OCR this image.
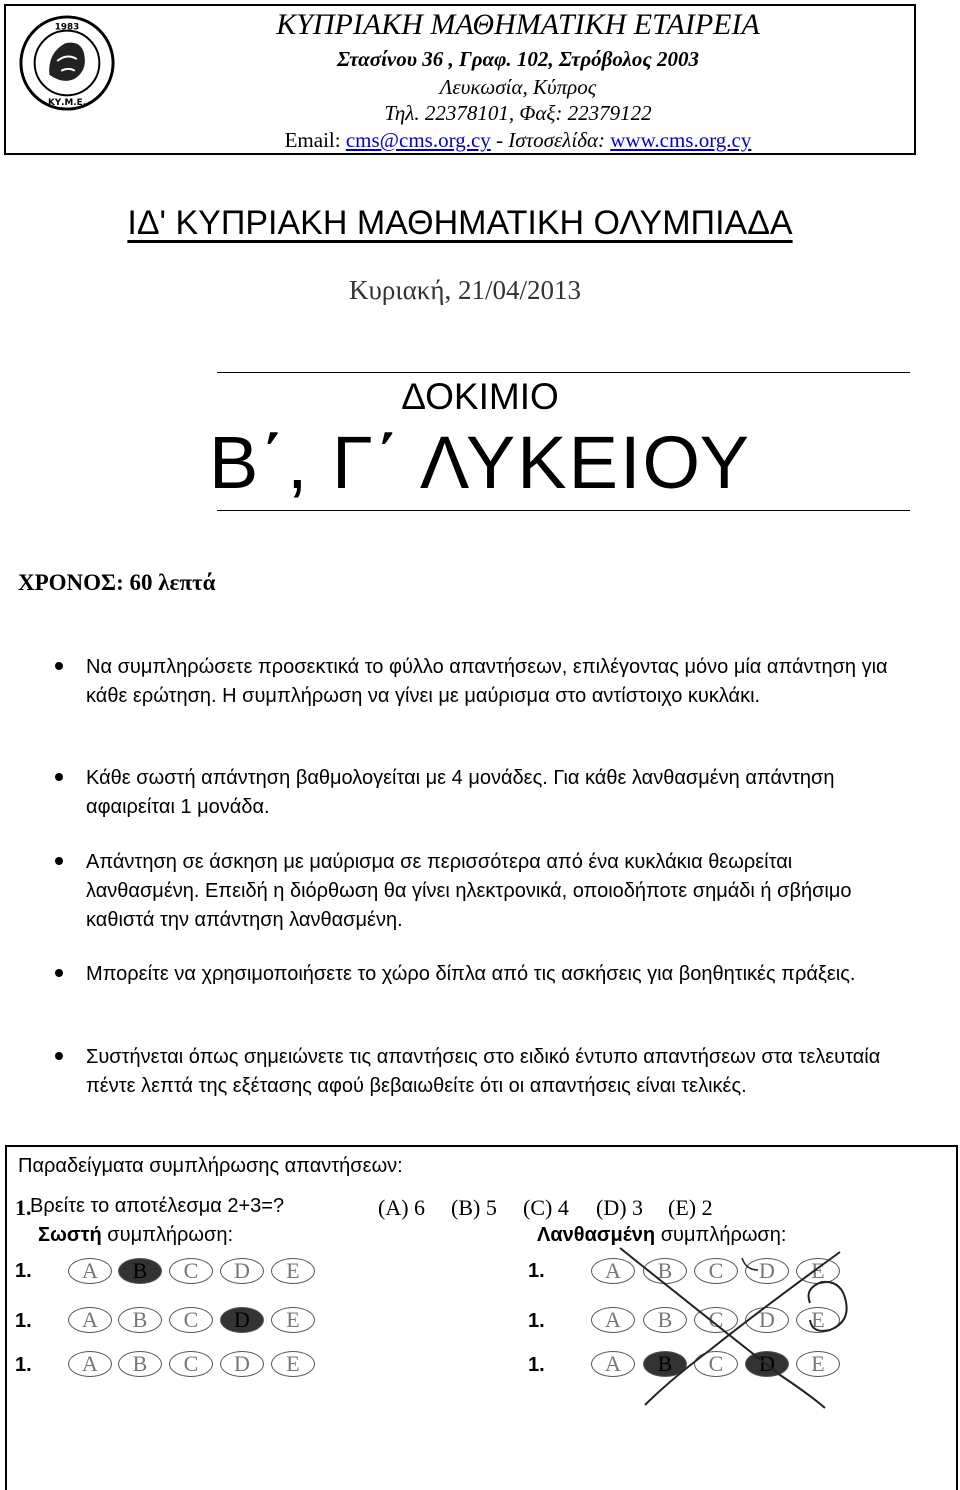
1983
ΚΥ.Μ.Ε.
ΚΥΠΡΙΑΚΗ ΜΑΘΗΜΑΤΙΚΗ ΕΤΑΙΡΕΙΑ
Στασίνου 36 , Γραφ. 102, Στρόβολος 2003
Λευκωσία, Κύπρος
Τηλ. 22378101, Φαξ: 22379122
Email: cms@cms.org.cy - Ιστοσελίδα: www.cms.org.cy
ΙΔ' ΚΥΠΡΙΑΚΗ ΜΑΘΗΜΑΤΙΚΗ ΟΛΥΜΠΙΑΔΑ
Κυριακή, 21/04/2013
ΔΟΚΙΜΙΟ
Β΄, Γ΄ ΛΥΚΕΙΟΥ
ΧΡΟΝΟΣ: 60 λεπτά
Να συμπληρώσετε προσεκτικά το φύλλο απαντήσεων, επιλέγοντας μόνο μία απάντηση για κάθε ερώτηση. Η συμπλήρωση να γίνει με μαύρισμα στο αντίστοιχο κυκλάκι.
Κάθε σωστή απάντηση βαθμολογείται με 4 μονάδες. Για κάθε λανθασμένη απάντηση αφαιρείται 1 μονάδα.
Απάντηση σε άσκηση με μαύρισμα σε περισσότερα από ένα κυκλάκια θεωρείται λανθασμένη. Επειδή η διόρθωση θα γίνει ηλεκτρονικά, οποιοδήποτε σημάδι ή σβήσιμο καθιστά την απάντηση λανθασμένη.
Μπορείτε να χρησιμοποιήσετε το χώρο δίπλα από τις ασκήσεις για βοηθητικές πράξεις.
Συστήνεται όπως σημειώνετε τις απαντήσεις στο ειδικό έντυπο απαντήσεων στα τελευταία πέντε λεπτά της εξέτασης αφού βεβαιωθείτε ότι οι απαντήσεις είναι τελικές.
Παραδείγματα συμπλήρωσης απαντήσεων:
1.
Βρείτε το αποτέλεσμα 2+3=?	(A) 6 (B) 5 (C) 4 (D) 3 (E) 2
Σωστή συμπλήρωση:	Λανθασμένη συμπλήρωση:
1.	A	B	C	D	E
1.	A	B	C	D	E
1.	A	B	C	D	E
1.	A	B	C	D	E
1.	A	B	C	D	E
1.	A	B	C	D	E
